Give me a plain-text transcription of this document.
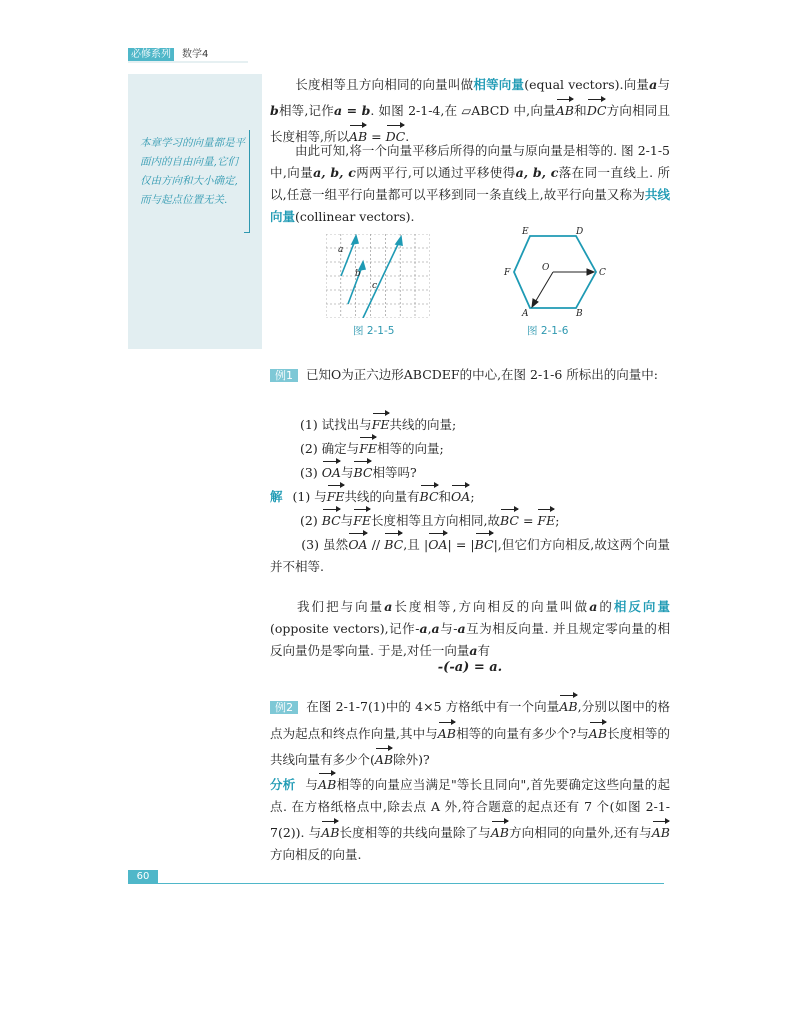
必修系列	数学4
本章学习的向量都是平面内的自由向量,它们仅由方向和大小确定,而与起点位置无关.
  长度相等且方向相同的向量叫做相等向量(equal vectors).向量a与b相等,记作a = b. 如图 2-1-4,在 ▱ABCD 中,向量AB和DC方向相同且长度相等,所以AB = DC.
  由此可知,将一个向量平移后所得的向量与原向量是相等的. 图 2-1-5 中,向量a, b, c两两平行,可以通过平移使得a, b, c落在同一直线上. 所以,任意一组平行向量都可以平移到同一条直线上,故平行向量又称为共线向量(collinear vectors).
a
b
c
图 2-1-5
E	D
F	O	C
A	B
图 2-1-6
例1 已知O为正六边形ABCDEF的中心,在图 2-1-6 所标出的向量中:
(1) 试找出与FE共线的向量;
(2) 确定与FE相等的向量;
(3) OA与BC相等吗?
解 (1) 与FE共线的向量有BC和OA;
(2) BC与FE长度相等且方向相同,故BC = FE;
   (3) 虽然OA // BC,且 |OA| = |BC|,但它们方向相反,故这两个向量并不相等.
  我们把与向量a长度相等,方向相反的向量叫做a的相反向量(opposite vectors),记作-a,a与-a互为相反向量. 并且规定零向量的相反向量仍是零向量. 于是,对任一向量a有
-(-a) = a.
例2 在图 2-1-7(1)中的 4×5 方格纸中有一个向量AB,分别以图中的格点为起点和终点作向量,其中与AB相等的向量有多少个?与AB长度相等的共线向量有多少个(AB除外)?
分析 与AB相等的向量应当满足"等长且同向",首先要确定这些向量的起点. 在方格纸格点中,除去点 A 外,符合题意的起点还有 7 个(如图 2-1-7(2)). 与AB长度相等的共线向量除了与AB方向相同的向量外,还有与AB方向相反的向量.
60
